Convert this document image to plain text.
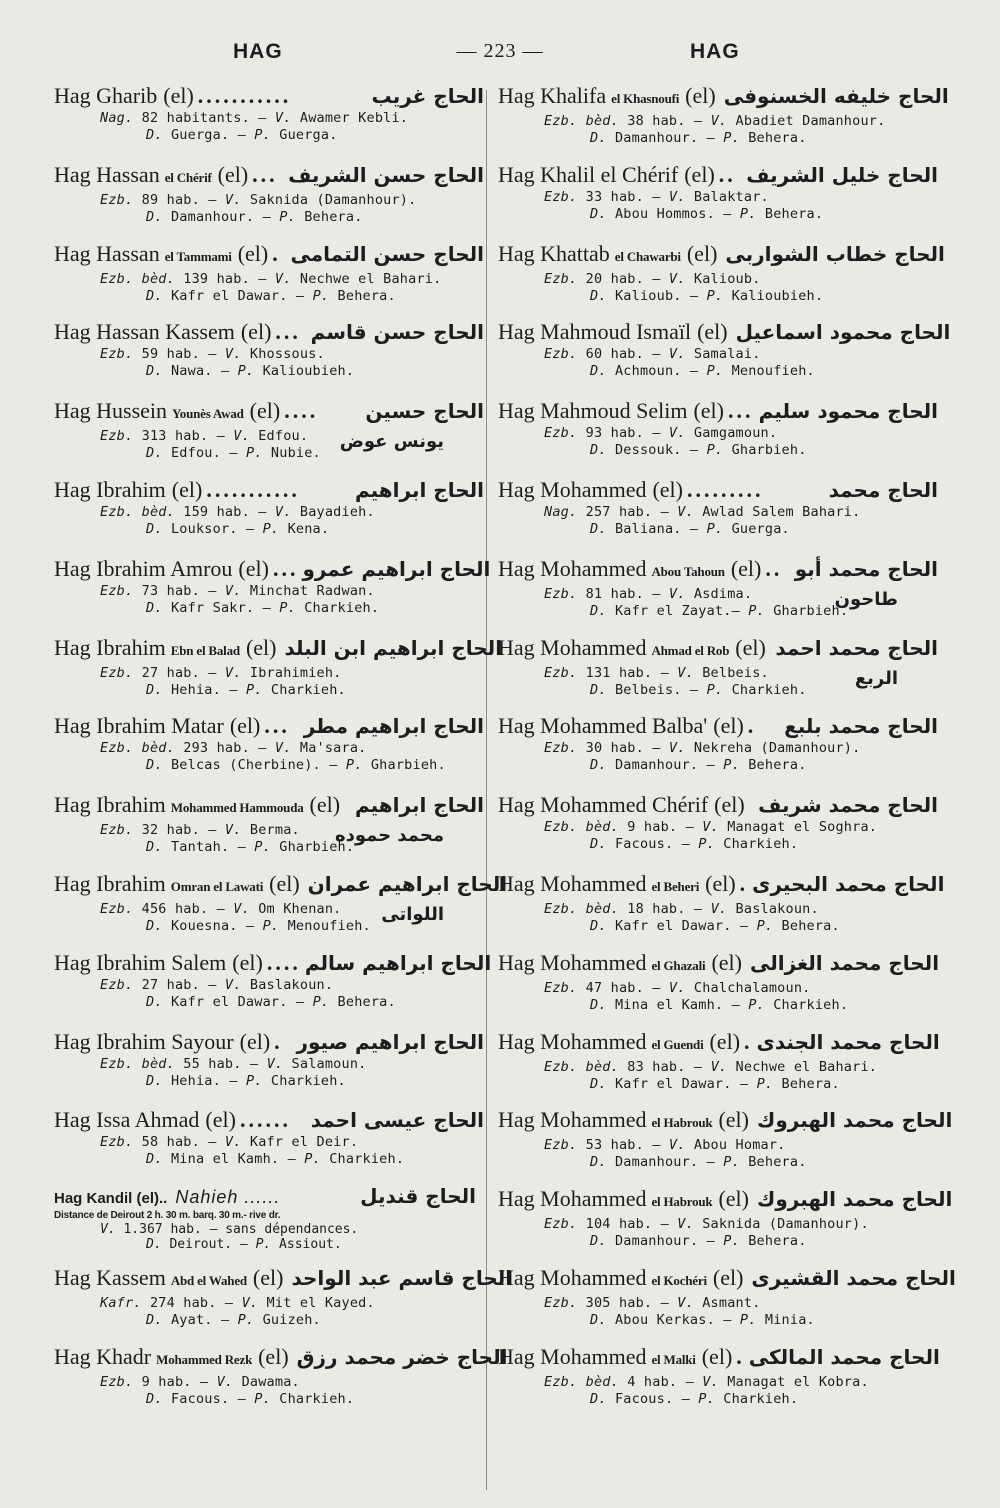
HAG	— 223 —	HAG
Hag Gharib (el) ...........	الحاج غريب
Nag. 82 habitants. — V. Awamer Kebli.
D. Guerga. — P. Guerga.
Hag Hassan el Chérif (el) ... الحاج حسن الشريف
Ezb. 89 hab. — V. Saknida (Damanhour).
D. Damanhour. — P. Behera.
Hag Hassan el Tammami (el) . الحاج حسن التمامى
Ezb. bèd. 139 hab. — V. Nechwe el Bahari.
D. Kafr el Dawar. — P. Behera.
Hag Hassan Kassem (el) ... الحاج حسن قاسم
Ezb. 59 hab. — V. Khossous.
D. Nawa. — P. Kalioubieh.
Hag Hussein Younès Awad (el) ....	الحاج حسين
Ezb. 313 hab. — V. Edfou.
D. Edfou. — P. Nubie.
يونس عوض
Hag Ibrahim (el) ...........	الحاج ابراهيم
Ezb. bèd. 159 hab. — V. Bayadieh.
D. Louksor. — P. Kena.
Hag Ibrahim Amrou (el) ... الحاج ابراهيم عمرو
Ezb. 73 hab. — V. Minchat Radwan.
D. Kafr Sakr. — P. Charkieh.
Hag Ibrahim Ebn el Balad (el) الحاج ابراهيم ابن البلد
Ezb. 27 hab. — V. Ibrahimieh.
D. Hehia. — P. Charkieh.
Hag Ibrahim Matar (el) ... الحاج ابراهيم مطر
Ezb. bèd. 293 hab. — V. Ma'sara.
D. Belcas (Cherbine). — P. Gharbieh.
Hag Ibrahim Mohammed Hammouda (el) الحاج ابراهيم
Ezb. 32 hab. — V. Berma.
D. Tantah. — P. Gharbieh.
محمد حموده
Hag Ibrahim Omran el Lawati (el) الحاج ابراهيم عمران
Ezb. 456 hab. — V. Om Khenan.
D. Kouesna. — P. Menoufieh.
اللواتى
Hag Ibrahim Salem (el) .... الحاج ابراهيم سالم
Ezb. 27 hab. — V. Baslakoun.
D. Kafr el Dawar. — P. Behera.
Hag Ibrahim Sayour (el) . الحاج ابراهيم صيور
Ezb. bèd. 55 hab. — V. Salamoun.
D. Hehia. — P. Charkieh.
Hag Issa Ahmad (el) ...... الحاج عيسى احمد
Ezb. 58 hab. — V. Kafr el Deir.
D. Mina el Kamh. — P. Charkieh.
Hag Kandil (el).. Nahieh ......	الحاج قنديل
Distance de Deirout 2 h. 30 m. barq. 30 m.- rive dr.
V. 1.367 hab. — sans dépendances.
D. Deirout. — P. Assiout.
Hag Kassem Abd el Wahed (el) الحاج قاسم عبد الواحد
Kafr. 274 hab. — V. Mit el Kayed.
D. Ayat. — P. Guizeh.
Hag Khadr Mohammed Rezk (el) الحاج خضر محمد رزق
Ezb. 9 hab. — V. Dawama.
D. Facous. — P. Charkieh.
Hag Khalifa el Khasnoufi (el) الحاج خليفه الخسنوفى
Ezb. bèd. 38 hab. — V. Abadiet Damanhour.
D. Damanhour. — P. Behera.
Hag Khalil el Chérif (el) .. الحاج خليل الشريف
Ezb. 33 hab. — V. Balaktar.
D. Abou Hommos. — P. Behera.
Hag Khattab el Chawarbi (el) الحاج خطاب الشواربى
Ezb. 20 hab. — V. Kalioub.
D. Kalioub. — P. Kalioubieh.
Hag Mahmoud Ismaïl (el) الحاج محمود اسماعيل
Ezb. 60 hab. — V. Samalai.
D. Achmoun. — P. Menoufieh.
Hag Mahmoud Selim (el) ... الحاج محمود سليم
Ezb. 93 hab. — V. Gamgamoun.
D. Dessouk. — P. Gharbieh.
Hag Mohammed (el) .........	الحاج محمد
Nag. 257 hab. — V. Awlad Salem Bahari.
D. Baliana. — P. Guerga.
Hag Mohammed Abou Tahoun (el) .. الحاج محمد أبو
Ezb. 81 hab. — V. Asdima.
D. Kafr el Zayat.— P. Gharbieh.
طاحون
Hag Mohammed Ahmad el Rob (el) الحاج محمد احمد
Ezb. 131 hab. — V. Belbeis.
D. Belbeis. — P. Charkieh.
الربع
Hag Mohammed Balba' (el) .	الحاج محمد بلبع
Ezb. 30 hab. — V. Nekreha (Damanhour).
D. Damanhour. — P. Behera.
Hag Mohammed Chérif (el) الحاج محمد شريف
Ezb. bèd. 9 hab. — V. Managat el Soghra.
D. Facous. — P. Charkieh.
Hag Mohammed el Beheri (el) . الحاج محمد البحيرى
Ezb. bèd. 18 hab. — V. Baslakoun.
D. Kafr el Dawar. — P. Behera.
Hag Mohammed el Ghazali (el) الحاج محمد الغزالى
Ezb. 47 hab. — V. Chalchalamoun.
D. Mina el Kamh. — P. Charkieh.
Hag Mohammed el Guendi (el) . الحاج محمد الجندى
Ezb. bèd. 83 hab. — V. Nechwe el Bahari.
D. Kafr el Dawar. — P. Behera.
Hag Mohammed el Habrouk (el) الحاج محمد الهبروك
Ezb. 53 hab. — V. Abou Homar.
D. Damanhour. — P. Behera.
Hag Mohammed el Habrouk (el) الحاج محمد الهبروك
Ezb. 104 hab. — V. Saknida (Damanhour).
D. Damanhour. — P. Behera.
Hag Mohammed el Kochéri (el) الحاج محمد القشيرى
Ezb. 305 hab. — V. Asmant.
D. Abou Kerkas. — P. Minia.
Hag Mohammed el Malki (el) . الحاج محمد المالكى
Ezb. bèd. 4 hab. — V. Managat el Kobra.
D. Facous. — P. Charkieh.
